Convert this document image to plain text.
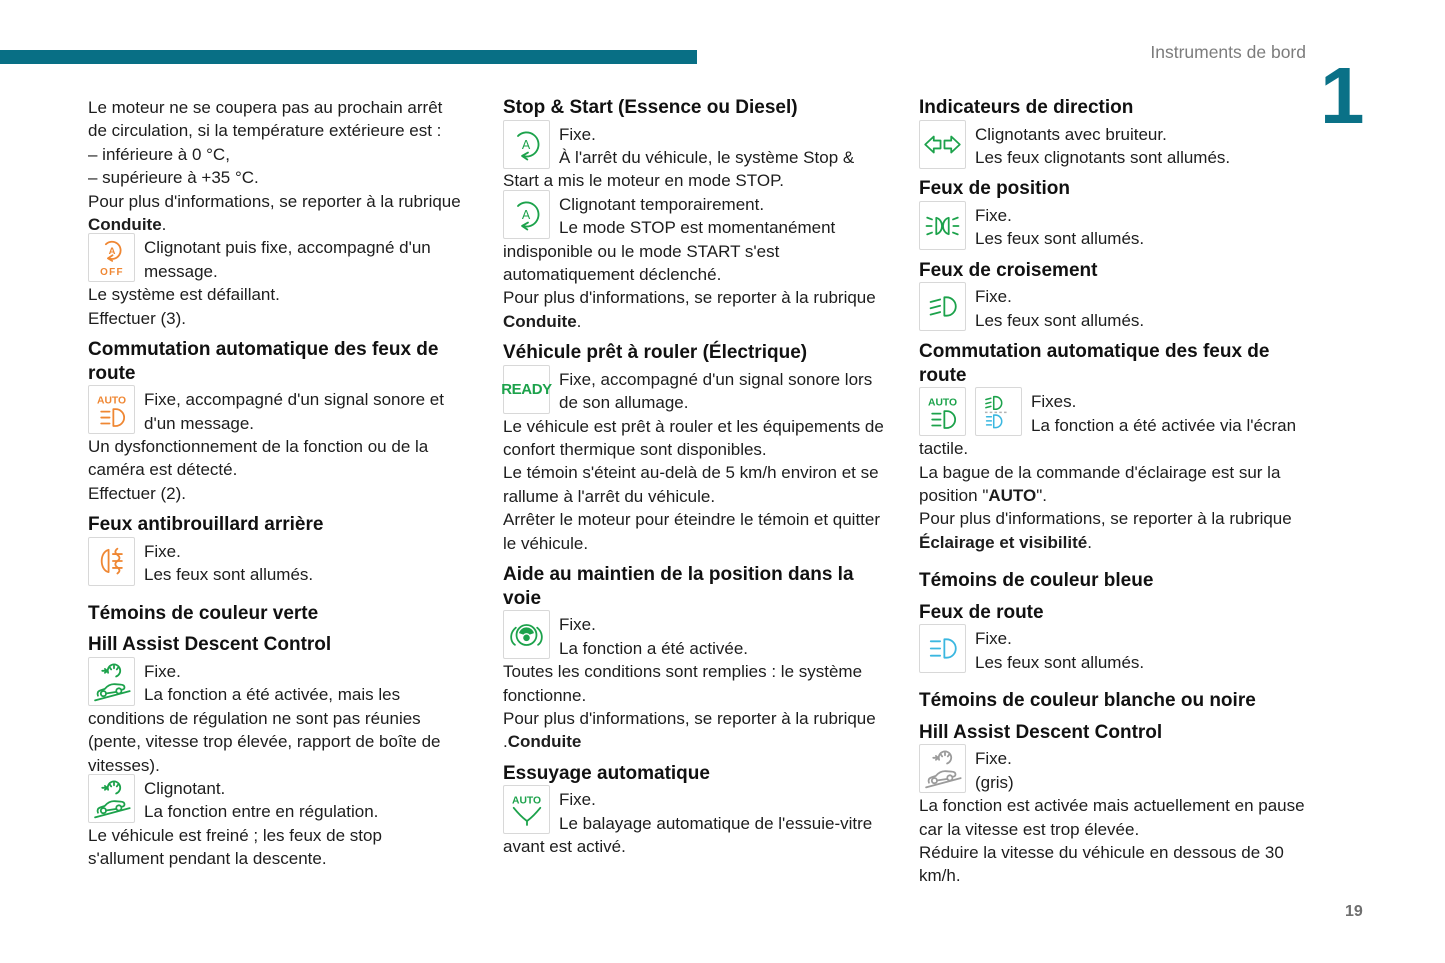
Instruments de bord 1
Le moteur ne se coupera pas au prochain arrêt de circulation, si la température extérieure est :
– inférieure à 0 °C,
– supérieure à +35 °C.
Pour plus d'informations, se reporter à la rubrique Conduite.
A
OFF
Clignotant puis fixe, accompagné d'un message.
Le système est défaillant.
Effectuer (3).
Commutation automatique des feux de route
AUTO Fixe, accompagné d'un signal sonore et d'un message.
Un dysfonctionnement de la fonction ou de la caméra est détecté.
Effectuer (2).
Feux antibrouillard arrière
Fixe.
Les feux sont allumés.
Témoins de couleur verte
Hill Assist Descent Control
Fixe.
La fonction a été activée, mais les conditions de régulation ne sont pas réunies (pente, vitesse trop élevée, rapport de boîte de vitesses).
Clignotant.
La fonction entre en régulation.
Le véhicule est freiné ; les feux de stop s'allument pendant la descente.
Stop & Start (Essence ou Diesel)
A
Fixe.
À l'arrêt du véhicule, le système Stop & Start a mis le moteur en mode STOP.
A
Clignotant temporairement.
Le mode STOP est momentanément indisponible ou le mode START s'est automatiquement déclenché.
Pour plus d'informations, se reporter à la rubrique Conduite.
Véhicule prêt à rouler (Électrique)
READY
Fixe, accompagné d'un signal sonore lors de son allumage.
Le véhicule est prêt à rouler et les équipements de confort thermique sont disponibles.
Le témoin s'éteint au-delà de 5 km/h environ et se rallume à l'arrêt du véhicule.
Arrêter le moteur pour éteindre le témoin et quitter le véhicule.
Aide au maintien de la position dans la voie
Fixe.
La fonction a été activée.
Toutes les conditions sont remplies : le système fonctionne.
Pour plus d'informations, se reporter à la rubrique .Conduite
Essuyage automatique
AUTO Fixe.
Le balayage automatique de l'essuie-vitre avant est activé.
Indicateurs de direction
Clignotants avec bruiteur.
Les feux clignotants sont allumés.
Feux de position
Fixe.
Les feux sont allumés.
Feux de croisement
Fixe.
Les feux sont allumés.
Commutation automatique des feux de route
AUTO	Fixes.
La fonction a été activée via l'écran tactile.
La bague de la commande d'éclairage est sur la position "AUTO".
Pour plus d'informations, se reporter à la rubrique Éclairage et visibilité.
Témoins de couleur bleue
Feux de route
Fixe.
Les feux sont allumés.
Témoins de couleur blanche ou noire
Hill Assist Descent Control
Fixe.
(gris)
La fonction est activée mais actuellement en pause car la vitesse est trop élevée.
Réduire la vitesse du véhicule en dessous de 30 km/h.
19
